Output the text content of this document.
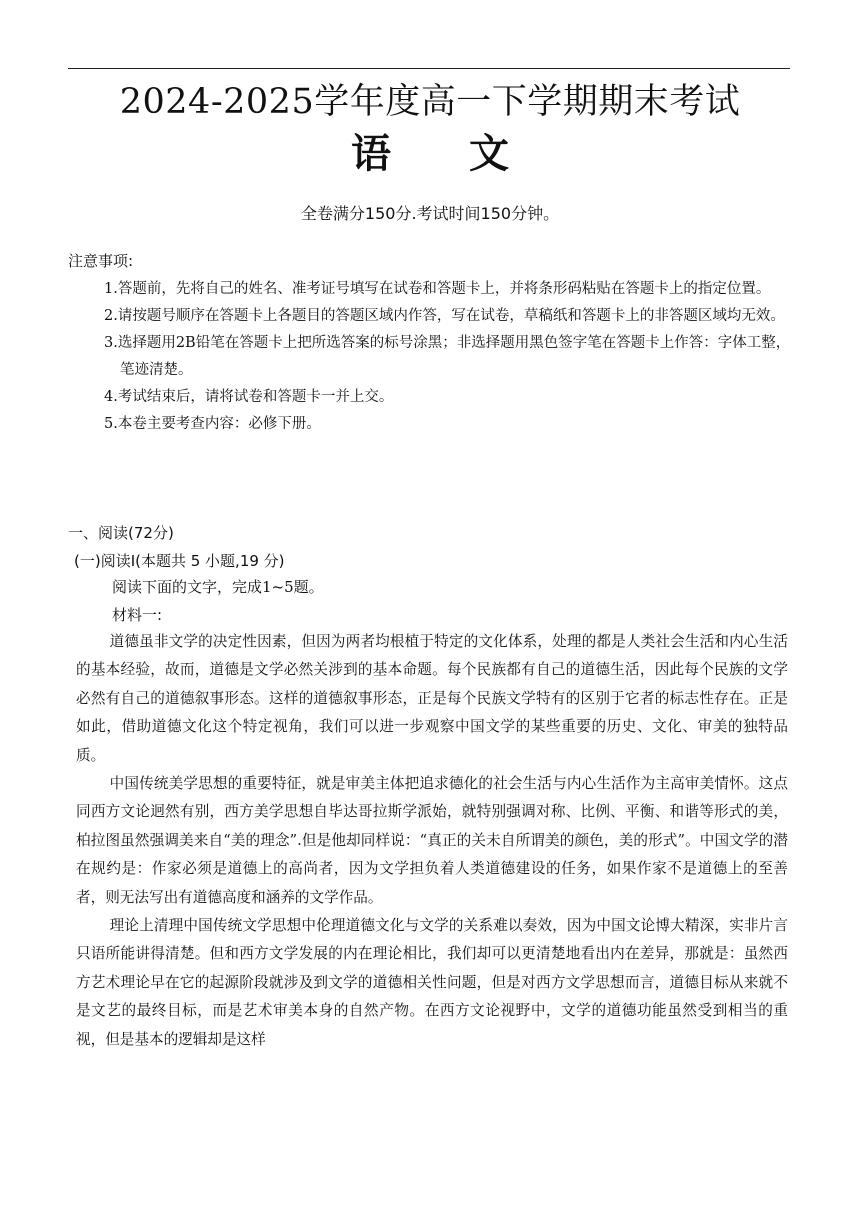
2024-2025学年度高一下学期期末考试
语 文
全卷满分150分.考试时间150分钟。
注意事项:
1.答题前，先将自己的姓名、准考证号填写在试卷和答题卡上，并将条形码粘贴在答题卡上的指定位置。
2.请按题号顺序在答题卡上各题目的答题区域内作答，写在试卷，草稿纸和答题卡上的非答题区域均无效。
3.选择题用2B铅笔在答题卡上把所选答案的标号涂黑；非选择题用黑色签字笔在答题卡上作答：字体工整，笔迹清楚。
4.考试结束后，请将试卷和答题卡一并上交。
5.本卷主要考查内容：必修下册。
一、阅读(72分)
(一)阅读Ⅰ(本题共 5 小题,19 分)
阅读下面的文字，完成1~5题。
材料一:

道德虽非文学的决定性因素，但因为两者均根植于特定的文化体系，处理的都是人类社会生活和内心生活的基本经验，故而，道德是文学必然关涉到的基本命题。每个民族都有自己的道德生活，因此每个民族的文学必然有自己的道德叙事形态。这样的道德叙事形态，正是每个民族文学特有的区别于它者的标志性存在。正是如此，借助道德文化这个特定视角，我们可以进一步观察中国文学的某些重要的历史、文化、审美的独特品质。

中国传统美学思想的重要特征，就是审美主体把追求德化的社会生活与内心生活作为主高审美情怀。这点同西方文论迥然有别，西方美学思想自毕达哥拉斯学派始，就特别强调对称、比例、平衡、和谐等形式的美，柏拉图虽然强调美来自“美的理念”.但是他却同样说：“真正的关未自所谓美的颜色，美的形式”。中国文学的潜在规约是：作家必须是道德上的高尚者，因为文学担负着人类道德建设的任务，如果作家不是道德上的至善者，则无法写出有道德高度和涵养的文学作品。

理论上清理中国传统文学思想中伦理道德文化与文学的关系难以奏效，因为中国文论博大精深，实非片言只语所能讲得清楚。但和西方文学发展的内在理论相比，我们却可以更清楚地看出内在差异，那就是：虽然西方艺术理论早在它的起源阶段就涉及到文学的道德相关性问题，但是对西方文学思想而言，道德目标从来就不是文艺的最终目标，而是艺术审美本身的自然产物。在西方文论视野中，文学的道德功能虽然受到相当的重视，但是基本的逻辑却是这样
